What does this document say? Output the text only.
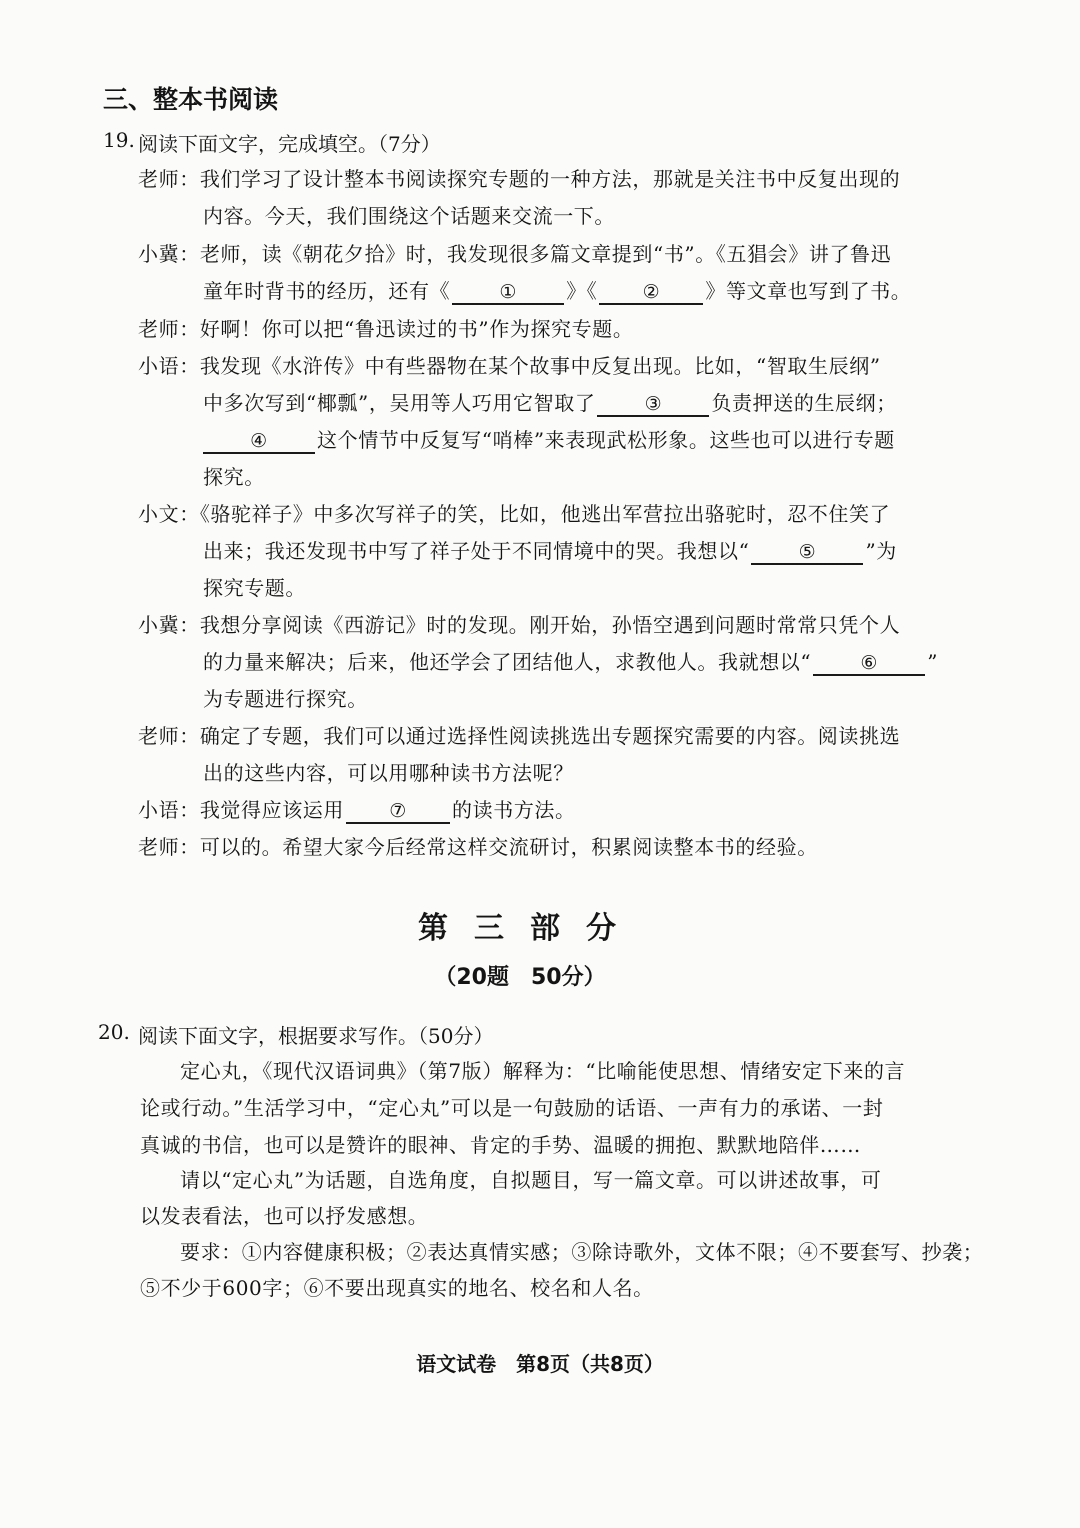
三、整本书阅读
19. 阅读下面文字，完成填空。（7分）
老师：我们学习了设计整本书阅读探究专题的一种方法，那就是关注书中反复出现的
内容。今天，我们围绕这个话题来交流一下。
小冀：老师，读《朝花夕拾》时，我发现很多篇文章提到“书”。《五猖会》讲了鲁迅
童年时背书的经历，还有《	① 》《 ② 》等文章也写到了书。
老师：好啊！你可以把“鲁迅读过的书”作为探究专题。
小语：我发现《水浒传》中有些器物在某个故事中反复出现。比如，“智取生辰纲”
中多次写到“椰瓢”，吴用等人巧用它智取了	③ 负责押送的生辰纲；
④ 这个情节中反复写“哨棒”来表现武松形象。这些也可以进行专题
探究。
小文：《骆驼祥子》中多次写祥子的笑，比如，他逃出军营拉出骆驼时，忍不住笑了
出来；我还发现书中写了祥子处于不同情境中的哭。我想以“	⑤ ”为
探究专题。
小冀：我想分享阅读《西游记》时的发现。刚开始，孙悟空遇到问题时常常只凭个人
的力量来解决；后来，他还学会了团结他人，求教他人。我就想以“	⑥ ”
为专题进行探究。
老师：确定了专题，我们可以通过选择性阅读挑选出专题探究需要的内容。阅读挑选
出的这些内容，可以用哪种读书方法呢？
小语：我觉得应该运用 ⑦ 的读书方法。
老师：可以的。希望大家今后经常这样交流研讨，积累阅读整本书的经验。
第三部分
（20题　50分）
20. 阅读下面文字，根据要求写作。（50分）
定心丸，《现代汉语词典》（第7版）解释为：“比喻能使思想、情绪安定下来的言
论或行动。”生活学习中，“定心丸”可以是一句鼓励的话语、一声有力的承诺、一封
真诚的书信，也可以是赞许的眼神、肯定的手势、温暖的拥抱、默默地陪伴……
请以“定心丸”为话题，自选角度，自拟题目，写一篇文章。可以讲述故事，可
以发表看法，也可以抒发感想。
要求：①内容健康积极；②表达真情实感；③除诗歌外，文体不限；④不要套写、抄袭；
⑤不少于600字；⑥不要出现真实的地名、校名和人名。
语文试卷　第8页（共8页）
